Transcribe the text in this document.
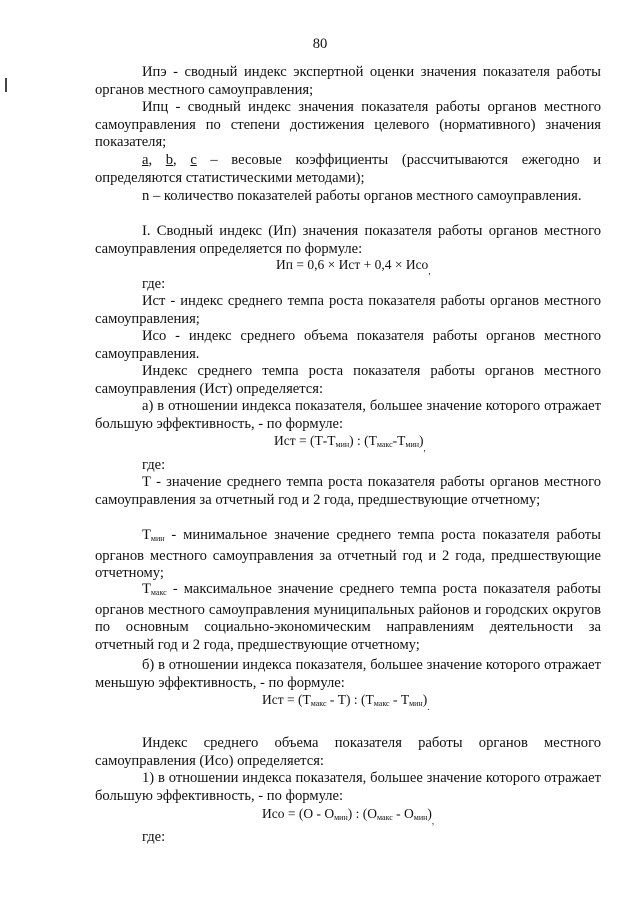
80
Ипэ - сводный индекс экспертной оценки значения показателя работы органов местного самоуправления;
Ипц - сводный индекс значения показателя работы органов местного самоуправления по степени достижения целевого (нормативного) значения показателя;
а, b, с – весовые коэффициенты (рассчитываются ежегодно и определяются статистическими методами);
n – количество показателей работы органов местного самоуправления.
I. Сводный индекс (Ип) значения показателя работы органов местного самоуправления определяется по формуле:
Ип = 0,6 × Ист + 0,4 × Исо$_,$
где:
Ист - индекс среднего темпа роста показателя работы органов местного самоуправления;
Исо - индекс среднего объема показателя работы органов местного самоуправления.
Индекс среднего темпа роста показателя работы органов местного самоуправления (Ист) определяется:
а) в отношении индекса показателя, большее значение которого отражает большую эффективность, - по формуле:
Ист = $(Т-Т_{мин})$ : $(Т_{макс}-Т_{мин})_,$
где:
Т - значение среднего темпа роста показателя работы органов местного самоуправления за отчетный год и 2 года, предшествующие отчетному;
$Т_{мин}$ - минимальное значение среднего темпа роста показателя работы органов местного самоуправления за отчетный год и 2 года, предшествующие отчетному;
$Т_{макс}$ - максимальное значение среднего темпа роста показателя работы органов местного самоуправления муниципальных районов и городских округов по основным социально-экономическим направлениям деятельности за отчетный год и 2 года, предшествующие отчетному;
б) в отношении индекса показателя, большее значение которого отражает меньшую эффективность, - по формуле:
Ист = $(Т_{макс} - Т)$ : $(Т_{макс} - Т_{мин})_.$
Индекс среднего объема показателя работы органов местного самоуправления (Исо) определяется:
1) в отношении индекса показателя, большее значение которого отражает большую эффективность, - по формуле:
Исо = $(О - О_{мин})$ : $(О_{макс} - О_{мин})_,$
где:
